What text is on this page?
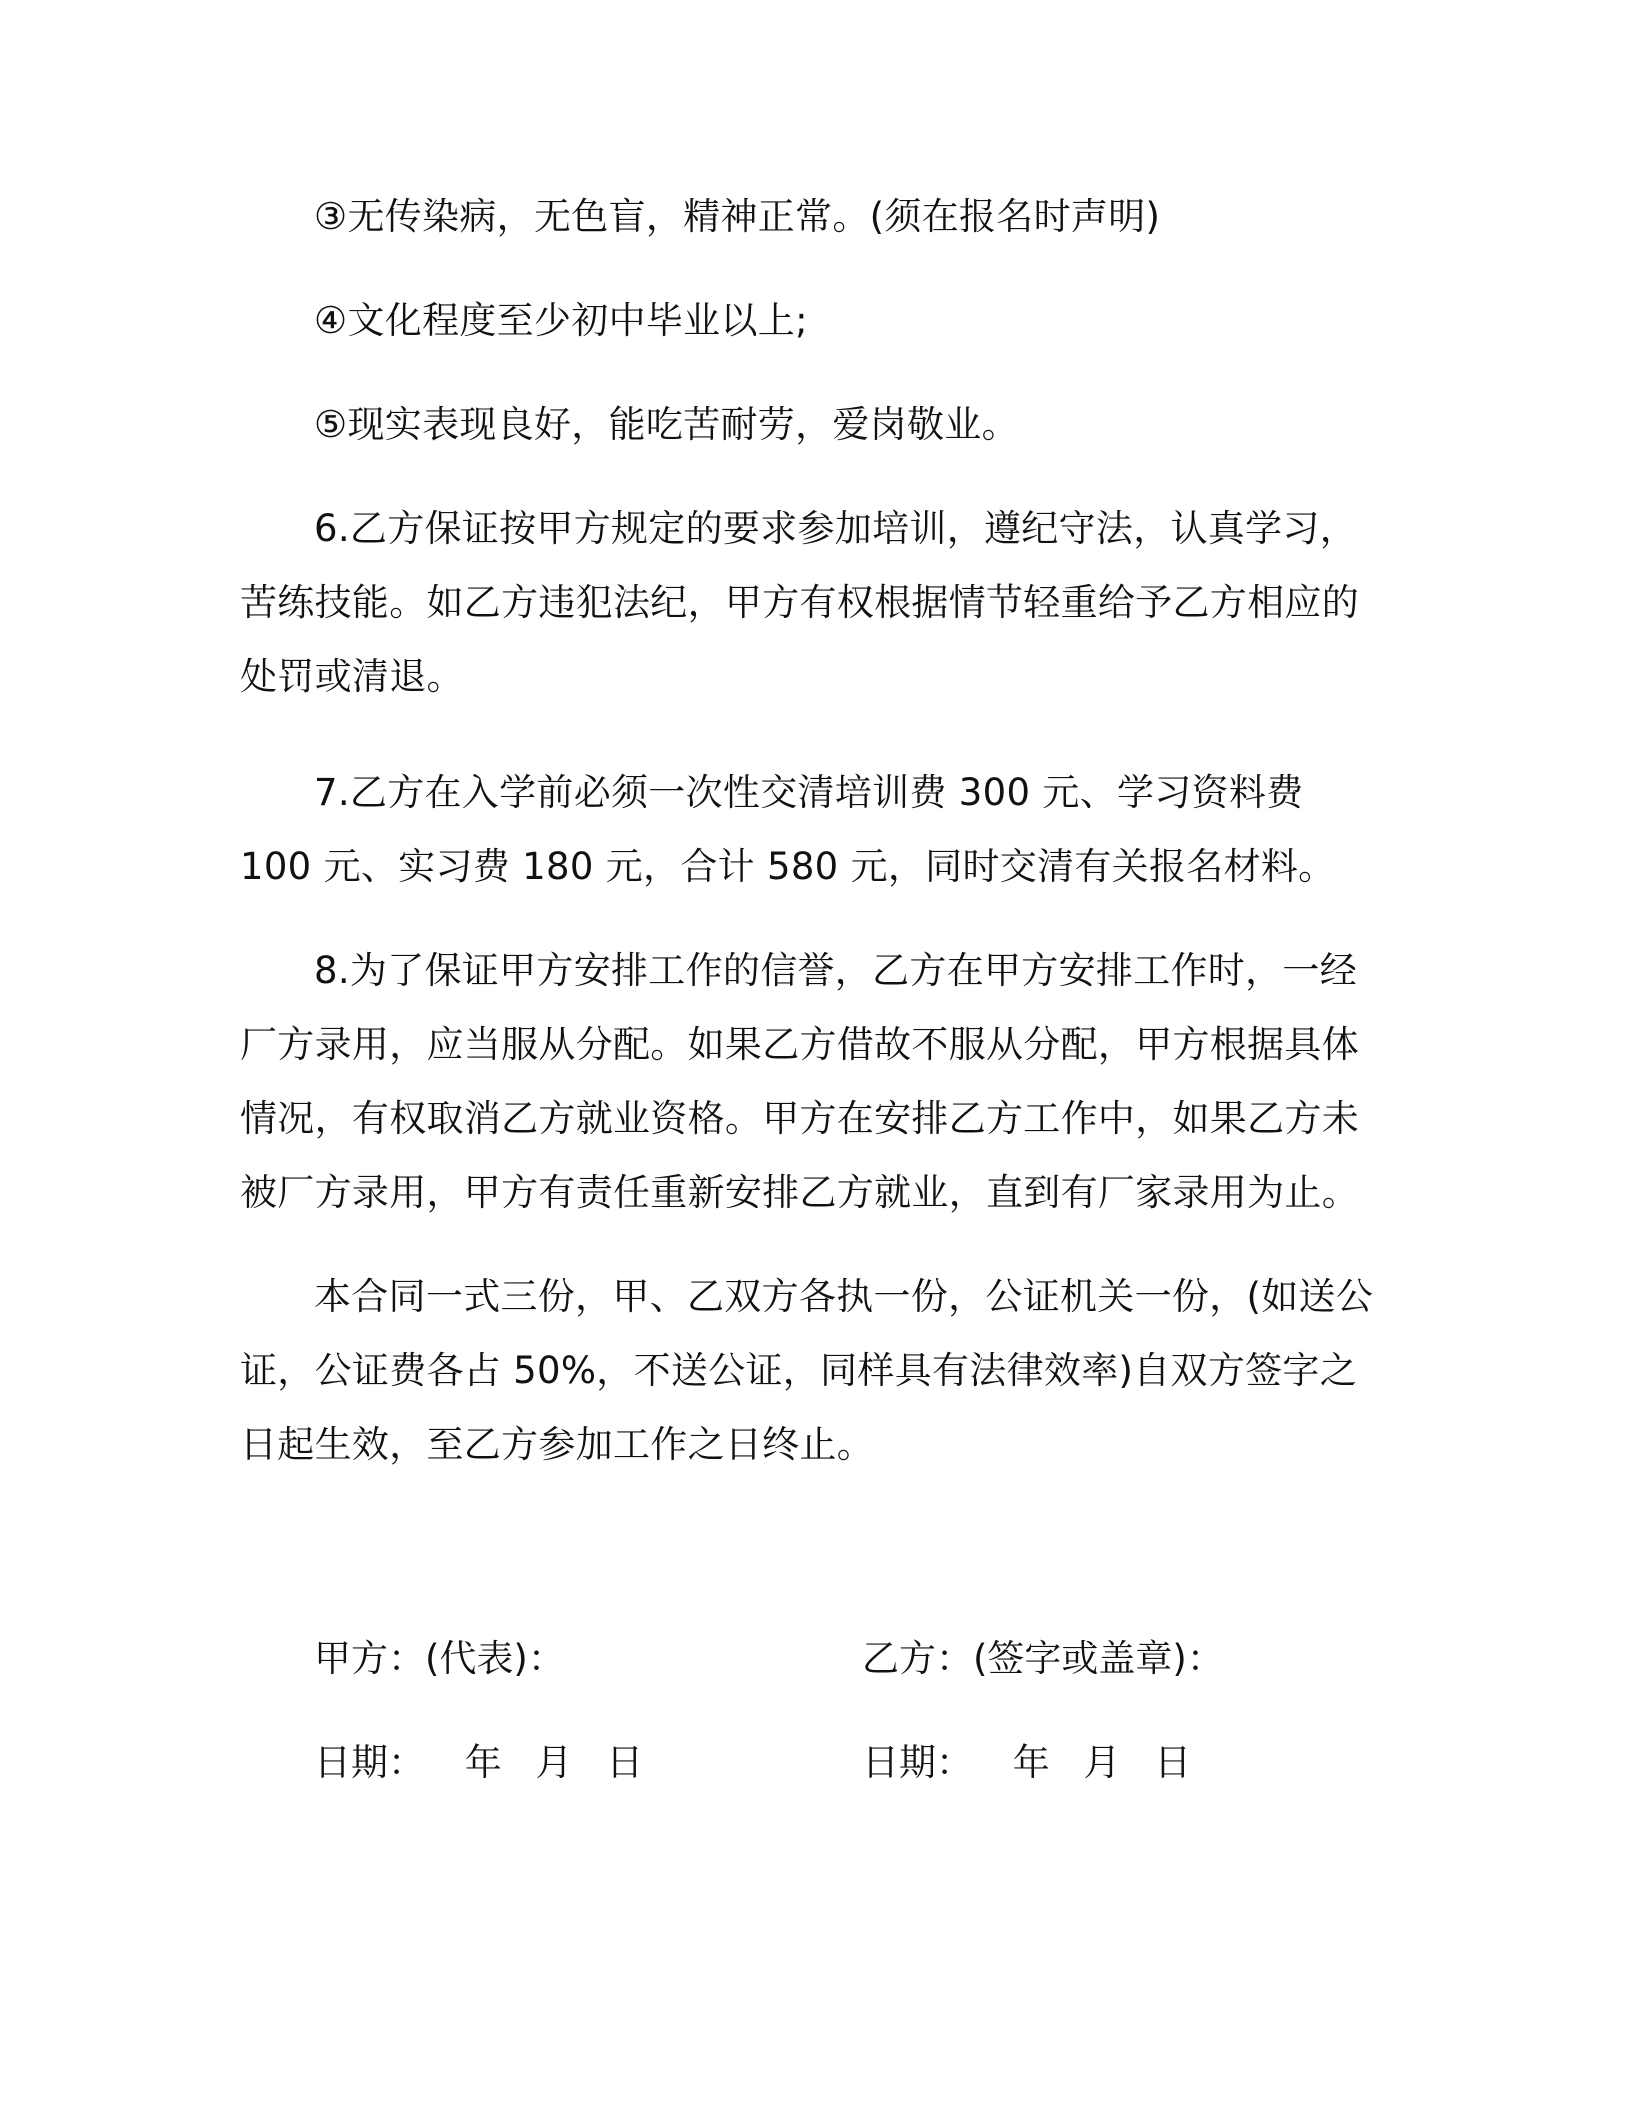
③无传染病，无色盲，精神正常。(须在报名时声明)

④文化程度至少初中毕业以上;

⑤现实表现良好，能吃苦耐劳，爱岗敬业。

6.乙方保证按甲方规定的要求参加培训，遵纪守法，认真学习，苦练技能。如乙方违犯法纪，甲方有权根据情节轻重给予乙方相应的处罚或清退。

7.乙方在入学前必须一次性交清培训费 300 元、学习资料费 100 元、实习费 180 元，合计 580 元，同时交清有关报名材料。

8.为了保证甲方安排工作的信誉，乙方在甲方安排工作时，一经厂方录用，应当服从分配。如果乙方借故不服从分配，甲方根据具体情况，有权取消乙方就业资格。甲方在安排乙方工作中，如果乙方未被厂方录用，甲方有责任重新安排乙方就业，直到有厂家录用为止。

本合同一式三份，甲、乙双方各执一份，公证机关一份，(如送公证，公证费各占 50%，不送公证，同样具有法律效率)自双方签字之日起生效，至乙方参加工作之日终止。

甲方：(代表)：	乙方：(签字或盖章)：
日期： 年 月 日	日期： 年 月 日
